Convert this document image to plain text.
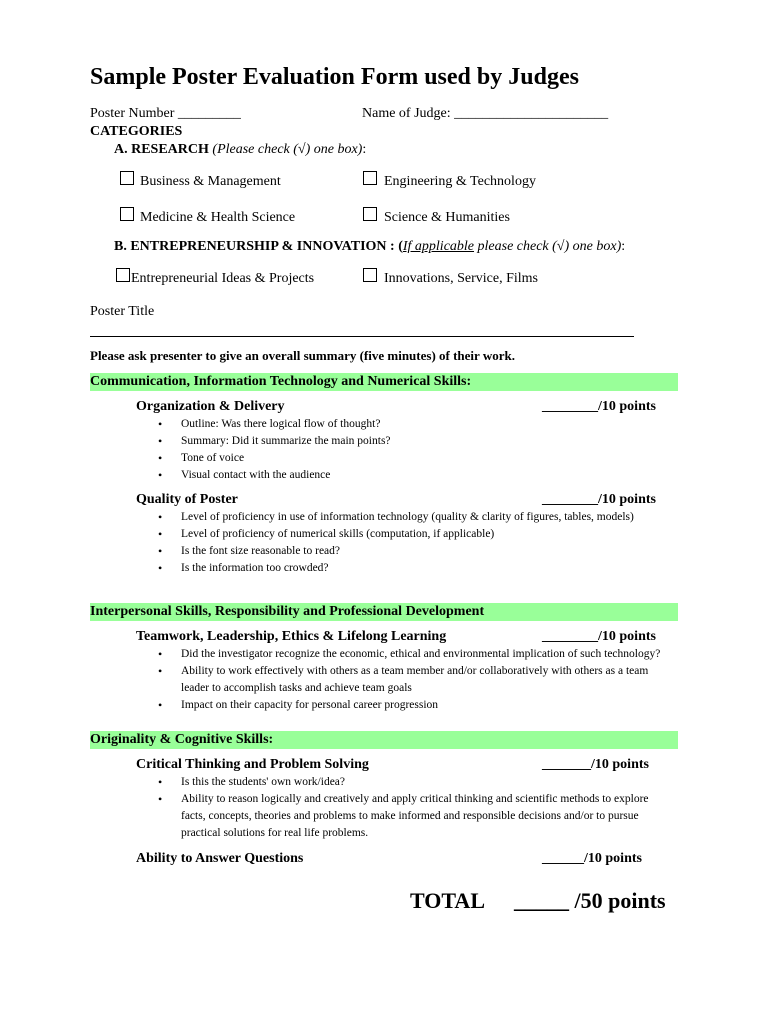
Sample Poster Evaluation Form used by Judges
Poster Number _________	Name of Judge: ______________________
CATEGORIES
A. RESEARCH (Please check (√) one box):
Business & Management	Engineering & Technology
Medicine & Health Science	Science & Humanities
B. ENTREPRENEURSHIP & INNOVATION : (If applicable please check (√) one box):
Entrepreneurial Ideas & Projects	Innovations, Service, Films
Poster Title
Please ask presenter to give an overall summary (five minutes) of their work.
Communication, Information Technology and Numerical Skills:
Organization & Delivery	________/10 points
• Outline: Was there logical flow of thought?
• Summary: Did it summarize the main points?
• Tone of voice
• Visual contact with the audience
Quality of Poster	________/10 points
• Level of proficiency in use of information technology (quality & clarity of figures, tables, models)
• Level of proficiency of numerical skills (computation, if applicable)
• Is the font size reasonable to read?
• Is the information too crowded?
Interpersonal Skills, Responsibility and Professional Development
Teamwork, Leadership, Ethics & Lifelong Learning	________/10 points
• Did the investigator recognize the economic, ethical and environmental implication of such technology?
• Ability to work effectively with others as a team member and/or collaboratively with others as a team leader to accomplish tasks and achieve team goals
• Impact on their capacity for personal career progression
Originality & Cognitive Skills:
Critical Thinking and Problem Solving	_______/10 points
• Is this the students' own work/idea?
• Ability to reason logically and creatively and apply critical thinking and scientific methods to explore facts, concepts, theories and problems to make informed and responsible decisions and/or to pursue practical solutions for real life problems.
Ability to Answer Questions	______/10 points
TOTAL _____ /50 points
